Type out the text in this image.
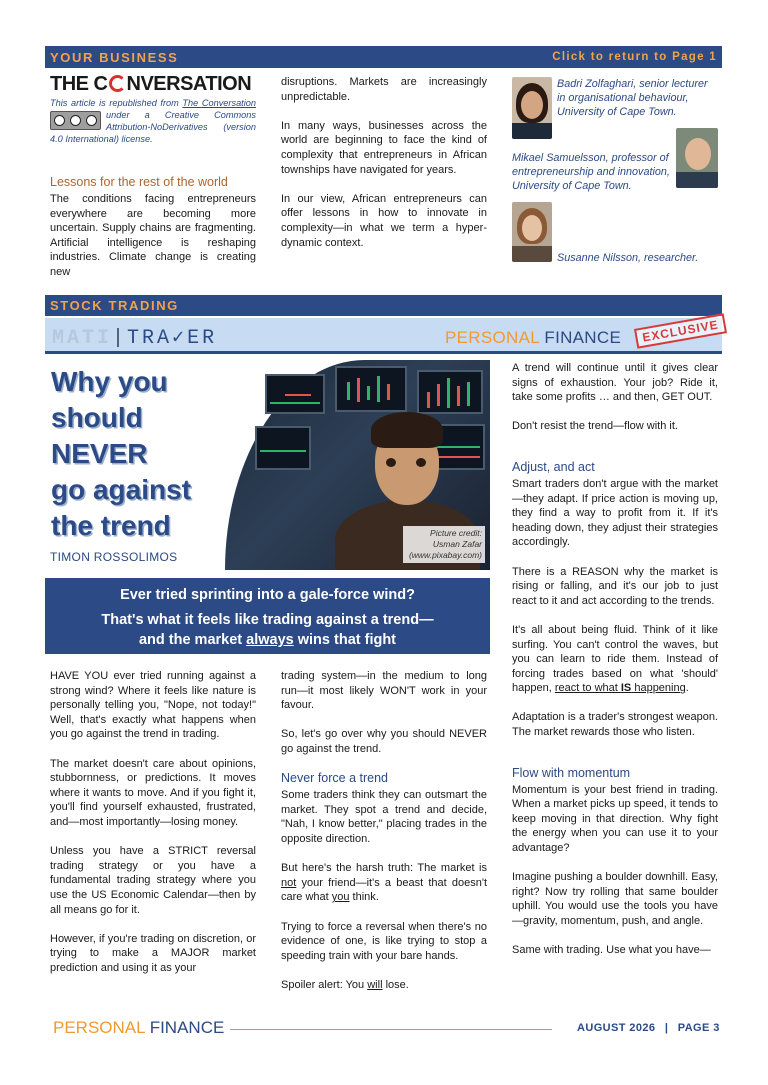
YOUR BUSINESS	Click to return to Page 1
THE C NVERSATION
This article is republished from The Conversation
under a Creative Commons Attribution-NoDerivatives (version 4.0 International) license.
Lessons for the rest of the world

The conditions facing entrepreneurs everywhere are becoming more uncertain. Supply chains are fragmenting. Artificial intelligence is reshaping industries. Climate change is creating new

disruptions. Markets are increasingly unpredictable.

In many ways, businesses across the world are beginning to face the kind of complexity that entrepreneurs in African townships have navigated for years.

In our view, African entrepreneurs can offer lessons in how to innovate in complexity—in what we term a hyper-dynamic context.

Badri Zolfaghari, senior lecturer in organisational behaviour, University of Cape Town.
Mikael Samuelsson, professor of entrepreneurship and innovation, University of Cape Town.
Susanne Nilsson, researcher.
STOCK TRADING
MATI|TRA✓ER	PERSONAL FINANCE	EXCLUSIVE
Why you
should
NEVER
go against
the trend
TIMON ROSSOLIMOS
Picture credit:
Usman Zafar
(www.pixabay.com)
Ever tried sprinting into a gale-force wind?
That's what it feels like trading against a trend—
and the market always wins that fight

HAVE YOU ever tried running against a strong wind? Where it feels like nature is personally telling you, "Nope, not today!" Well, that's exactly what happens when you go against the trend in trading.

The market doesn't care about opinions, stubbornness, or predictions. It moves where it wants to move. And if you fight it, you'll find yourself exhausted, frustrated, and—most importantly—losing money.

Unless you have a STRICT reversal trading strategy or you have a fundamental trading strategy where you use the US Economic Calendar—then by all means go for it.

However, if you're trading on discretion, or trying to make a MAJOR market prediction and using it as your

trading system—in the medium to long run—it most likely WON'T work in your favour.

So, let's go over why you should NEVER go against the trend.

Never force a trend

Some traders think they can outsmart the market. They spot a trend and decide, "Nah, I know better," placing trades in the opposite direction.

But here's the harsh truth: The market is not your friend—it's a beast that doesn't care what you think.

Trying to force a reversal when there's no evidence of one, is like trying to stop a speeding train with your bare hands.

Spoiler alert: You will lose.

A trend will continue until it gives clear signs of exhaustion. Your job? Ride it, take some profits … and then, GET OUT.

Don't resist the trend—flow with it.

Adjust, and act

Smart traders don't argue with the market—they adapt. If price action is moving up, they find a way to profit from it. If it's heading down, they adjust their strategies accordingly.

There is a REASON why the market is rising or falling, and it's our job to just react to it and act according to the trends.

It's all about being fluid. Think of it like surfing. You can't control the waves, but you can learn to ride them. Instead of forcing trades based on what 'should' happen, react to what IS happening.

Adaptation is a trader's strongest weapon. The market rewards those who listen.

Flow with momentum

Momentum is your best friend in trading. When a market picks up speed, it tends to keep moving in that direction. Why fight the energy when you can use it to your advantage?

Imagine pushing a boulder downhill. Easy, right? Now try rolling that same boulder uphill. You would use the tools you have—gravity, momentum, push, and angle.

Same with trading. Use what you have—

PERSONAL FINANCE	AUGUST 2026 | PAGE 3
